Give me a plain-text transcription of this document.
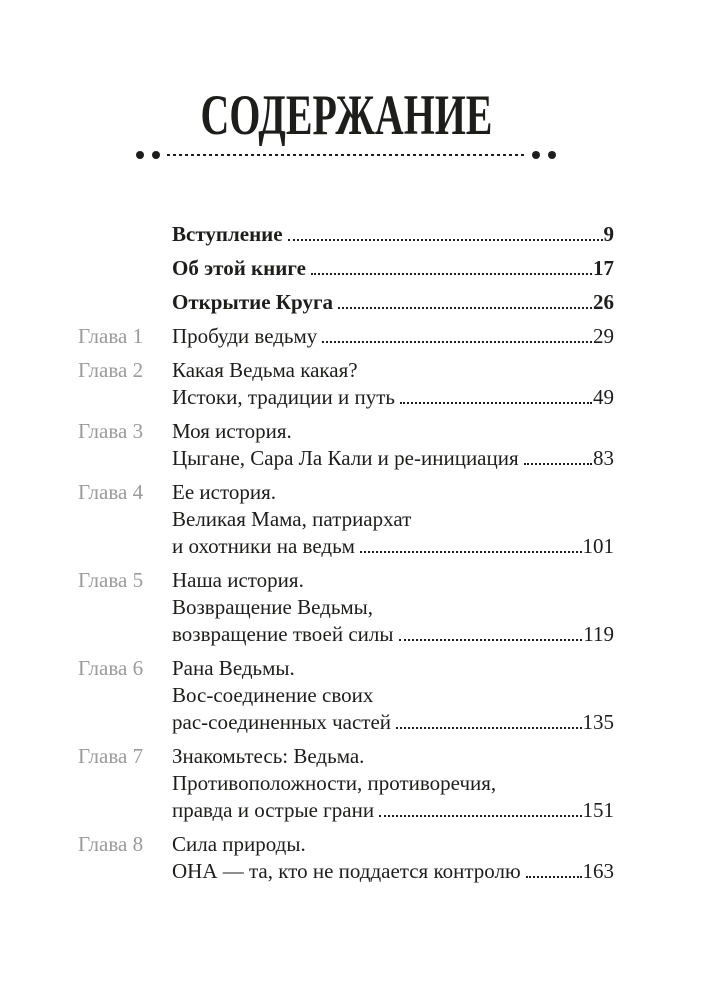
СОДЕРЖАНИЕ
Вступление	9
Об этой книге	17
Открытие Круга	26
Глава 1 Пробуди ведьму	29
Глава 2 Какая Ведьма какая?
Истоки, традиции и путь	49
Глава 3 Моя история.
Цыгане, Сара Ла Кали и ре-инициация	83
Глава 4 Ее история.
Великая Мама, патриархат
и охотники на ведьм	101
Глава 5 Наша история.
Возвращение Ведьмы,
возвращение твоей силы	119
Глава 6 Рана Ведьмы.
Вос-соединение своих
рас-соединенных частей	135
Глава 7 Знакомьтесь: Ведьма.
Противоположности, противоречия,
правда и острые грани	151
Глава 8 Сила природы.
ОНА — та, кто не поддается контролю	163
